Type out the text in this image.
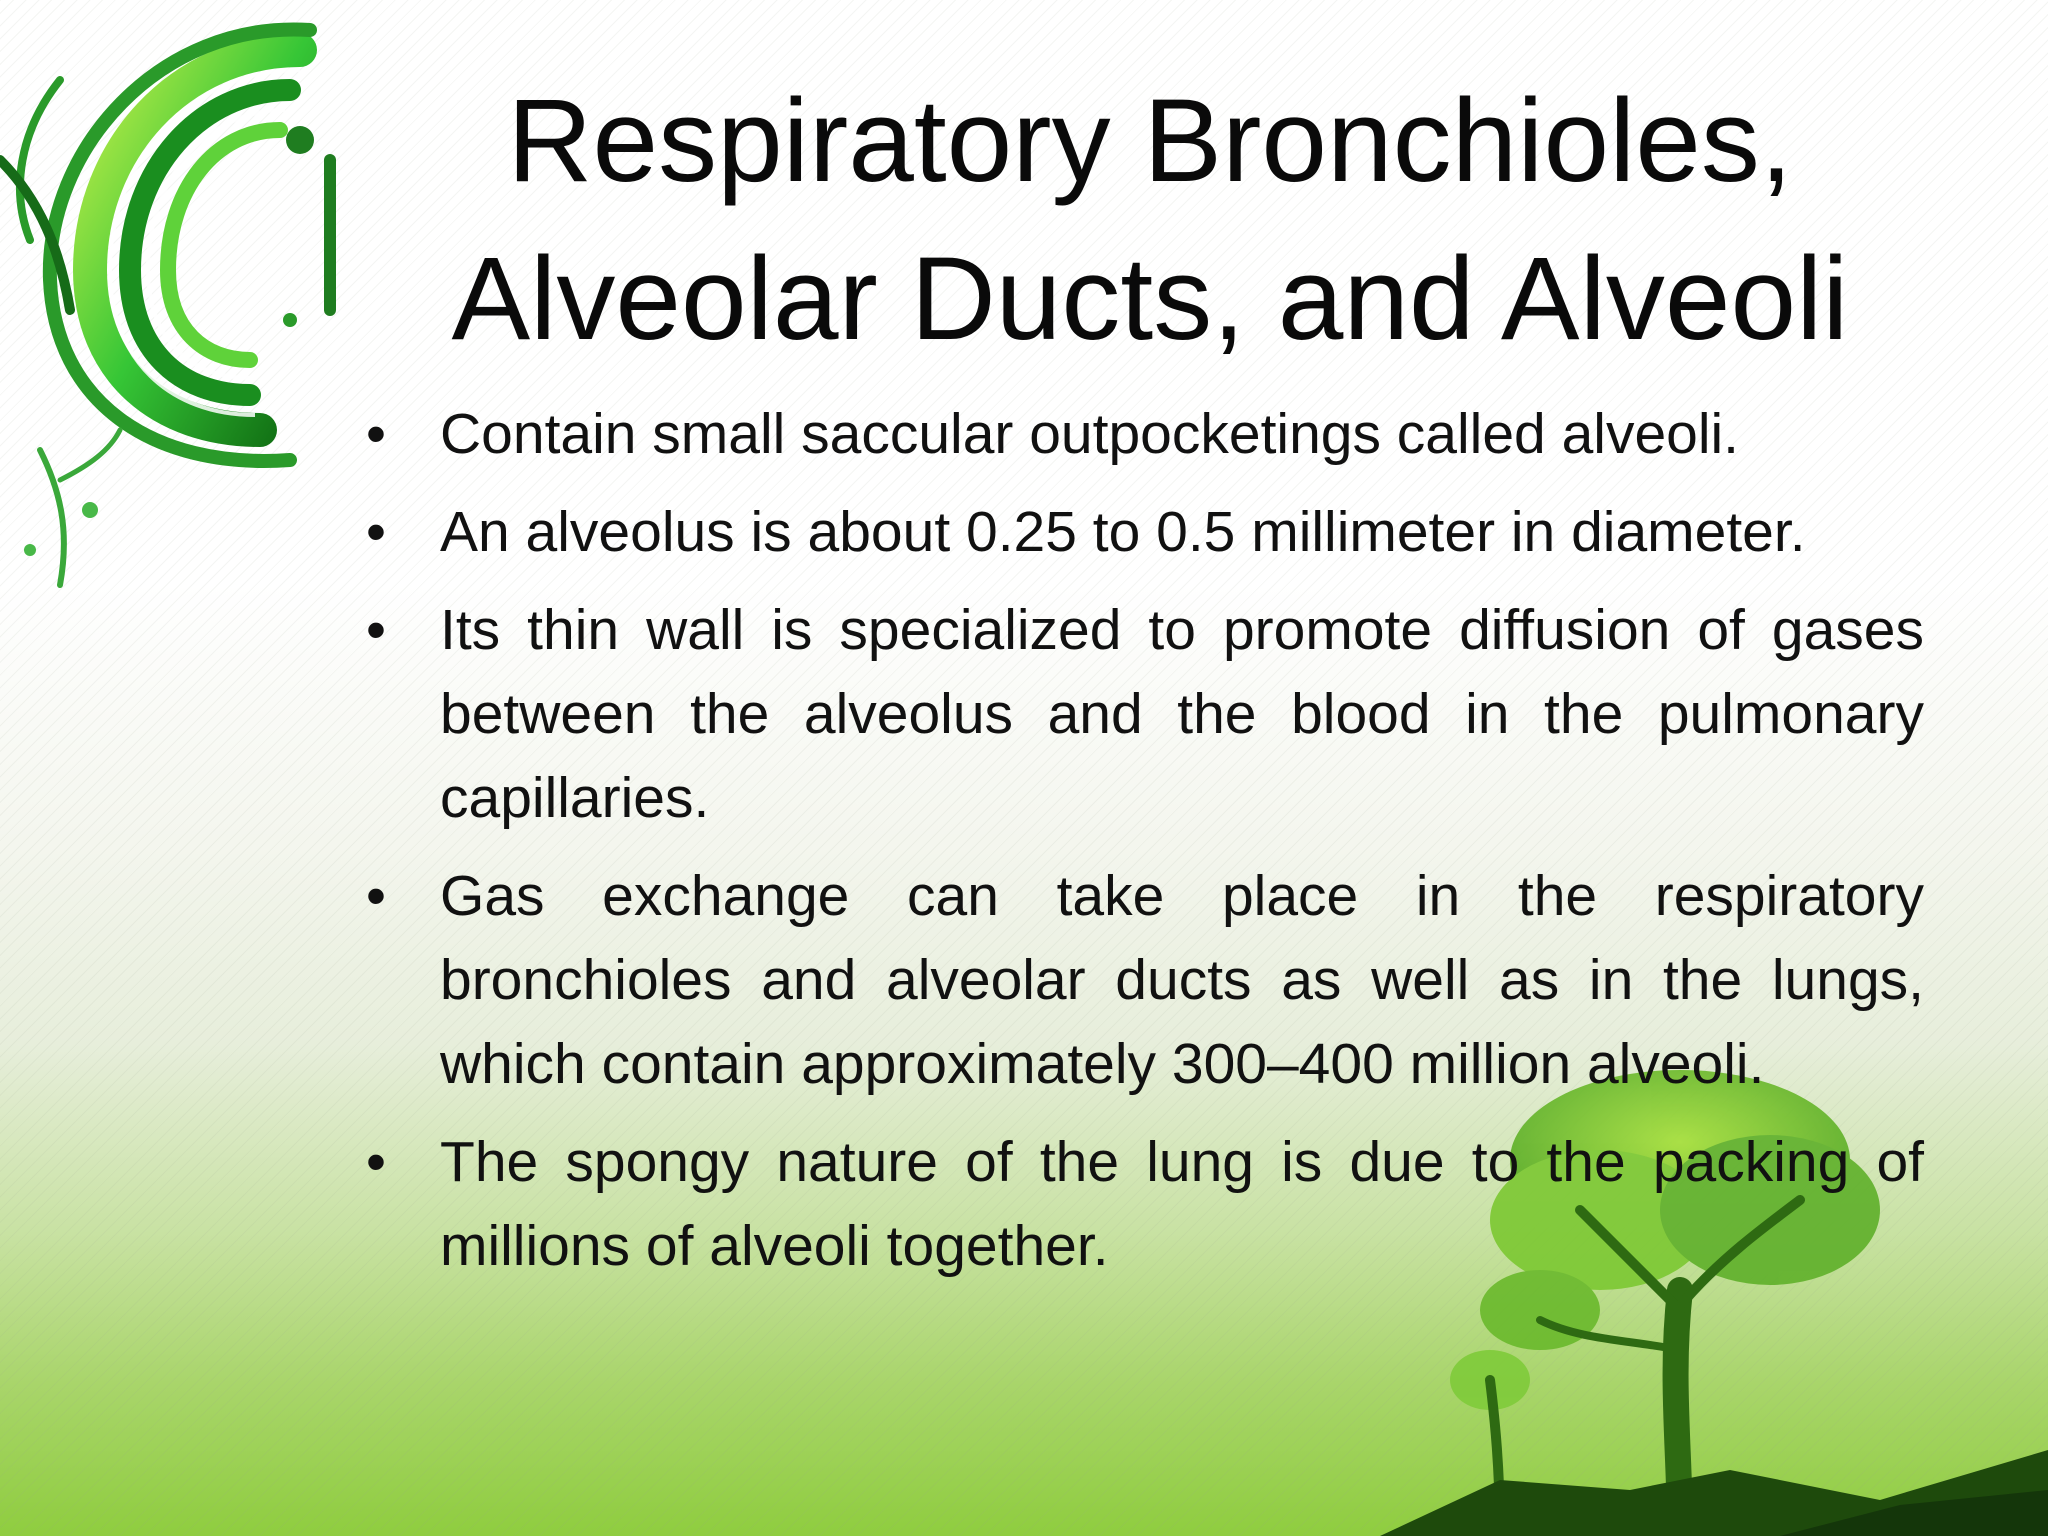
Respiratory Bronchioles,
Alveolar Ducts, and Alveoli
• Contain small saccular outpocketings called alveoli.
• An alveolus is about 0.25 to 0.5 millimeter in diameter.
• Its thin wall is specialized to promote diffusion of gases between the alveolus and the blood in the pulmonary capillaries.
• Gas exchange can take place in the respiratory bronchioles and alveolar ducts as well as in the lungs, which contain approximately 300–400 million alveoli.
• The spongy nature of the lung is due to the packing of millions of alveoli together.
